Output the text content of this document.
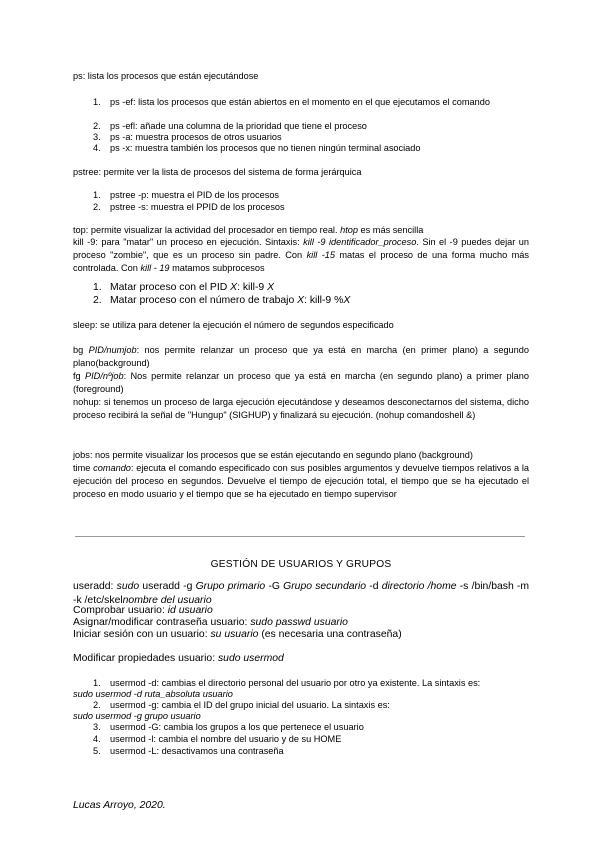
ps: lista los procesos que están ejecutándose
1.	ps -ef: lista los procesos que están abiertos en el momento en el que ejecutamos el comando
2.	ps -efl: añade una columna de la prioridad que tiene el proceso
3.	ps -a: muestra procesos de otros usuarios
4.	ps -x: muestra también los procesos que no tienen ningún terminal asociado
pstree: permite ver la lista de procesos del sistema de forma jerárquica
1.	pstree -p: muestra el PID de los procesos
2.	pstree -s: muestra el PPID de los procesos
top: permite visualizar la actividad del procesador en tiempo real. htop es más sencilla
kill -9: para "matar" un proceso en ejecución. Sintaxis: kill -9 identificador_proceso. Sin el -9 puedes dejar un proceso "zombie", que es un proceso sin padre. Con kill -15 matas el proceso de una forma mucho más controlada. Con kill - 19 matamos subprocesos
1. Matar proceso con el PID X: kill-9 X
2. Matar proceso con el número de trabajo X: kill-9 %X
sleep: se utiliza para detener la ejecución el número de segundos especificado
bg PID/numjob: nos permite relanzar un proceso que ya está en marcha (en primer plano) a segundo plano(background)
fg PID/nºjob: Nos permite relanzar un proceso que ya está en marcha (en segundo plano) a primer plano (foreground)
nohup: si tenemos un proceso de larga ejecución ejecutándose y deseamos desconectarnos del sistema, dicho proceso recibirá la señal de "Hungup" (SIGHUP) y finalizará su ejecución. (nohup comandoshell &)
jobs: nos permite visualizar los procesos que se están ejecutando en segundo plano (background)
time comando: ejecuta el comando especificado con sus posibles argumentos y devuelve tiempos relativos a la ejecución del proceso en segundos. Devuelve el tiempo de ejecución total, el tiempo que se ha ejecutado el proceso en modo usuario y el tiempo que se ha ejecutado en tiempo supervisor
GESTIÓN DE USUARIOS Y GRUPOS
useradd: sudo useradd -g Grupo primario -G Grupo secundario -d directorio /home -s /bin/bash -m -k /etc/skelnombre del usuario
Comprobar usuario: id usuario
Asignar/modificar contraseña usuario: sudo passwd usuario
Iniciar sesión con un usuario: su usuario (es necesaria una contraseña)
Modificar propiedades usuario: sudo usermod
1.	usermod -d: cambias el directorio personal del usuario por otro ya existente. La sintaxis es:
sudo usermod -d ruta_absoluta usuario
2.	usermod -g: cambia el ID del grupo inicial del usuario. La sintaxis es:
sudo usermod -g grupo usuario
3.	usermod -G: cambia los grupos a los que pertenece el usuario
4.	usermod -l: cambia el nombre del usuario y de su HOME
5.	usermod -L: desactivamos una contraseña
Lucas Arroyo, 2020.
